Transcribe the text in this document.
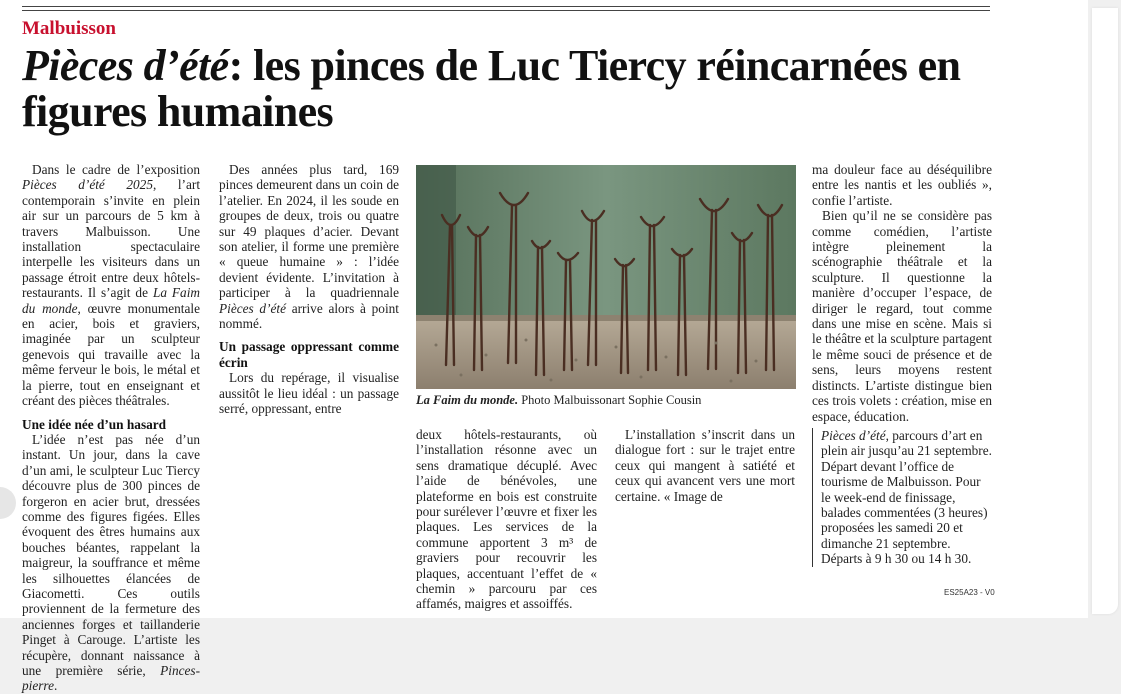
Malbuisson
Pièces d’été: les pinces de Luc Tiercy réincarnées en figures humaines

Dans le cadre de l’exposition Pièces d’été 2025, l’art contemporain s’invite en plein air sur un parcours de 5 km à travers Malbuisson. Une installation spectaculaire interpelle les visiteurs dans un passage étroit entre deux hôtels-restaurants. Il s’agit de La Faim du monde, œuvre monumentale en acier, bois et graviers, imaginée par un sculpteur genevois qui travaille avec la même ferveur le bois, le métal et la pierre, tout en enseignant et créant des pièces théâtrales.

Une idée née d’un hasard

L’idée n’est pas née d’un instant. Un jour, dans la cave d’un ami, le sculpteur Luc Tiercy découvre plus de 300 pinces de forgeron en acier brut, dressées comme des figures figées. Elles évoquent des êtres humains aux bouches béantes, rappelant la maigreur, la souffrance et même les silhouettes élancées de Giacometti. Ces outils proviennent de la fermeture des anciennes forges et taillanderie Pinget à Carouge. L’artiste les récupère, donnant naissance à une première série, Pinces-pierre.

Des années plus tard, 169 pinces demeurent dans un coin de l’atelier. En 2024, il les soude en groupes de deux, trois ou quatre sur 49 plaques d’acier. Devant son atelier, il forme une première « queue humaine » : l’idée devient évidente. L’invitation à participer à la quadriennale Pièces d’été arrive alors à point nommé.

Un passage oppressant comme écrin

Lors du repérage, il visualise aussitôt le lieu idéal : un passage serré, oppressant, entre

La Faim du monde. Photo Malbuissonart Sophie Cousin

deux hôtels-restaurants, où l’installation résonne avec un sens dramatique décuplé. Avec l’aide de bénévoles, une plateforme en bois est construite pour surélever l’œuvre et fixer les plaques. Les services de la commune apportent 3 m³ de graviers pour recouvrir les plaques, accentuant l’effet de « chemin » parcouru par ces affamés, maigres et assoiffés.

L’installation s’inscrit dans un dialogue fort : sur le trajet entre ceux qui mangent à satiété et ceux qui avancent vers une mort certaine. « Image de

ma douleur face au déséquilibre entre les nantis et les oubliés », confie l’artiste.

Bien qu’il ne se considère pas comme comédien, l’artiste intègre pleinement la scénographie théâtrale et la sculpture. Il questionne la manière d’occuper l’espace, de diriger le regard, tout comme dans une mise en scène. Mais si le théâtre et la sculpture partagent le même souci de présence et de sens, leurs moyens restent distincts. L’artiste distingue bien ces trois volets : création, mise en espace, éducation.

Pièces d’été, parcours d’art en plein air jusqu’au 21 septembre. Départ devant l’office de tourisme de Malbuisson. Pour le week-end de finissage, balades commentées (3 heures) proposées les samedi 20 et dimanche 21 septembre. Départs à 9 h 30 ou 14 h 30.

ES25A23 - V0
